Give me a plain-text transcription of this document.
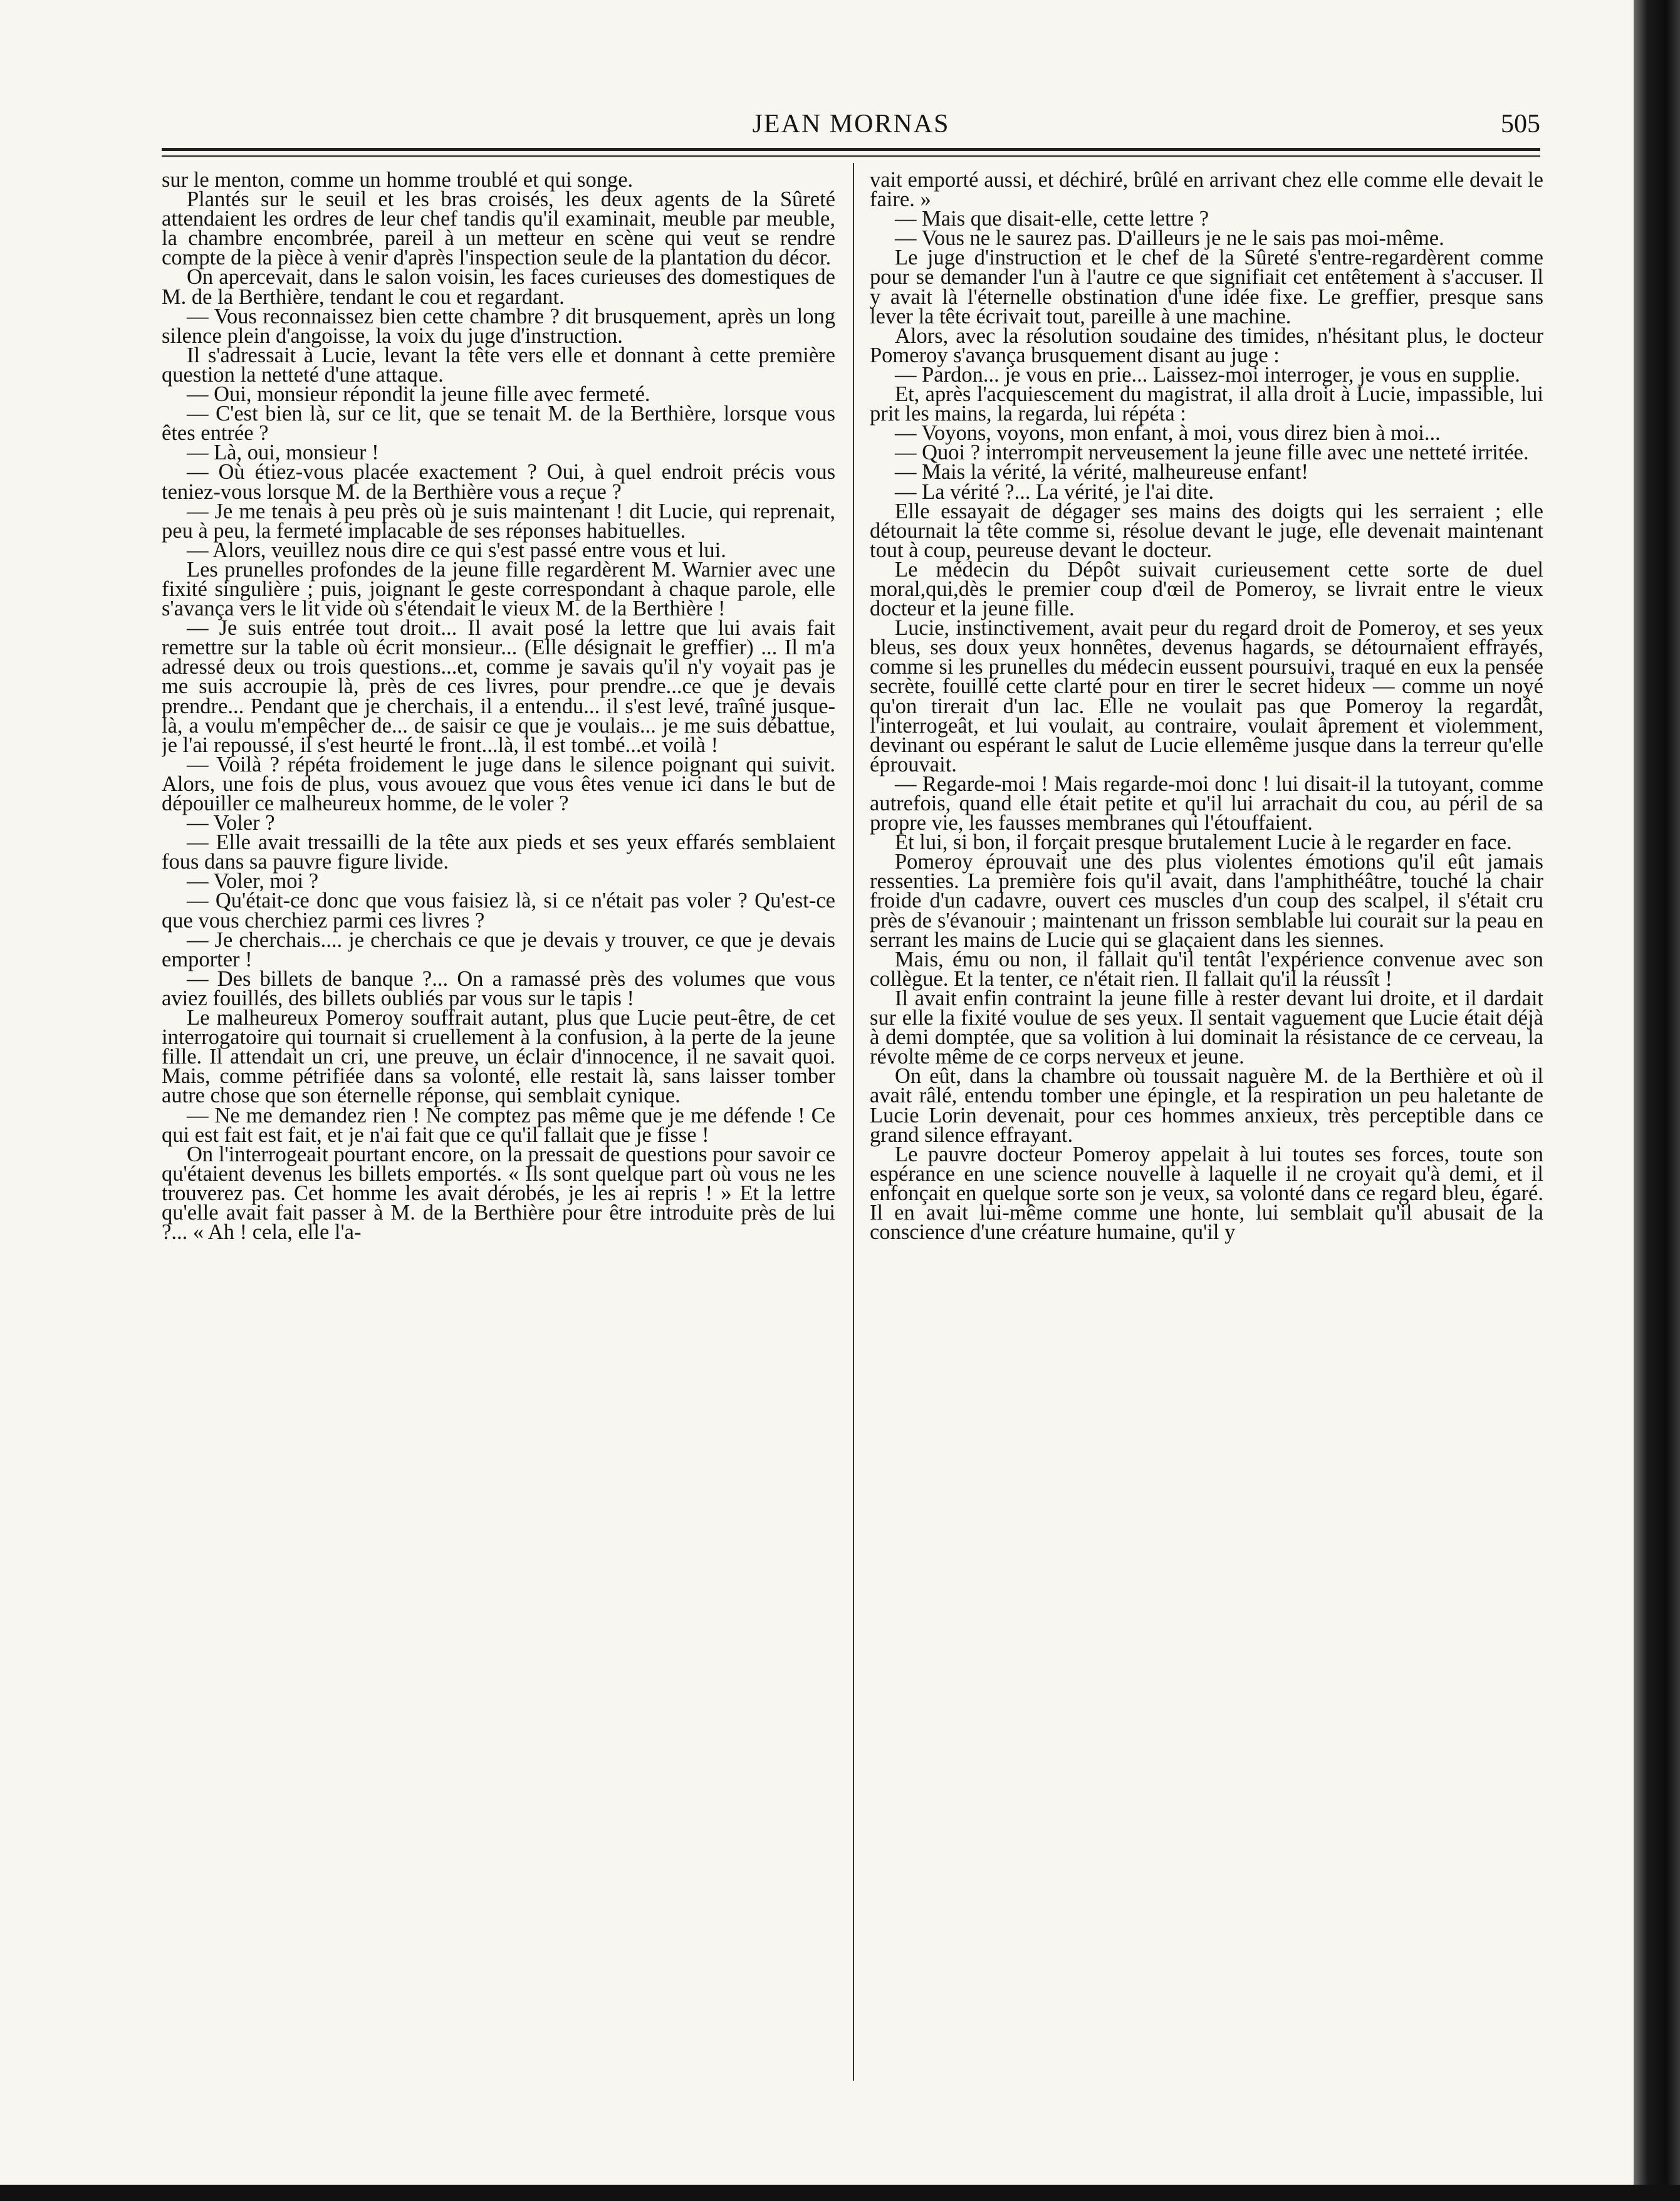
JEAN MORNAS	505

sur le menton, comme un homme troublé et qui songe.

Plantés sur le seuil et les bras croisés, les deux agents de la Sûreté attendaient les ordres de leur chef tandis qu'il examinait, meuble par meuble, la chambre encombrée, pareil à un metteur en scène qui veut se rendre compte de la pièce à venir d'après l'inspection seule de la plantation du décor.

On apercevait, dans le salon voisin, les faces curieuses des domestiques de M. de la Berthière, tendant le cou et regardant.

— Vous reconnaissez bien cette chambre ? dit brusquement, après un long silence plein d'angoisse, la voix du juge d'instruction.

Il s'adressait à Lucie, levant la tête vers elle et donnant à cette première question la netteté d'une attaque.

— Oui, monsieur répondit la jeune fille avec fermeté.

— C'est bien là, sur ce lit, que se tenait M. de la Berthière, lorsque vous êtes entrée ?

— Là, oui, monsieur !

— Où étiez-vous placée exactement ? Oui, à quel endroit précis vous teniez-vous lorsque M. de la Berthière vous a reçue ?

— Je me tenais à peu près où je suis maintenant ! dit Lucie, qui reprenait, peu à peu, la fermeté implacable de ses réponses habituelles.

— Alors, veuillez nous dire ce qui s'est passé entre vous et lui.

Les prunelles profondes de la jeune fille regardèrent M. Warnier avec une fixité singulière ; puis, joignant le geste correspondant à chaque parole, elle s'avança vers le lit vide où s'étendait le vieux M. de la Berthière !

— Je suis entrée tout droit... Il avait posé la lettre que lui avais fait remettre sur la table où écrit monsieur... (Elle désignait le greffier) ... Il m'a adressé deux ou trois questions...et, comme je savais qu'il n'y voyait pas je me suis accroupie là, près de ces livres, pour prendre...ce que je devais prendre... Pendant que je cherchais, il a entendu... il s'est levé, traîné jusque-là, a voulu m'empêcher de... de saisir ce que je voulais... je me suis débattue, je l'ai repoussé, il s'est heurté le front...là, il est tombé...et voilà !

— Voilà ? répéta froidement le juge dans le silence poignant qui suivit. Alors, une fois de plus, vous avouez que vous êtes venue ici dans le but de dépouiller ce malheureux homme, de le voler ?

— Voler ?

— Elle avait tressailli de la tête aux pieds et ses yeux effarés semblaient fous dans sa pauvre figure livide.

— Voler, moi ?

— Qu'était-ce donc que vous faisiez là, si ce n'était pas voler ? Qu'est-ce que vous cherchiez parmi ces livres ?

— Je cherchais.... je cherchais ce que je devais y trouver, ce que je devais emporter !

— Des billets de banque ?... On a ramassé près des volumes que vous aviez fouillés, des billets oubliés par vous sur le tapis !

Le malheureux Pomeroy souffrait autant, plus que Lucie peut-être, de cet interrogatoire qui tournait si cruellement à la confusion, à la perte de la jeune fille. Il attendait un cri, une preuve, un éclair d'innocence, il ne savait quoi. Mais, comme pétrifiée dans sa volonté, elle restait là, sans laisser tomber autre chose que son éternelle réponse, qui semblait cynique.

— Ne me demandez rien ! Ne comptez pas même que je me défende ! Ce qui est fait est fait, et je n'ai fait que ce qu'il fallait que je fisse !

On l'interrogeait pourtant encore, on la pressait de questions pour savoir ce qu'étaient devenus les billets emportés. « Ils sont quelque part où vous ne les trouverez pas. Cet homme les avait dérobés, je les ai repris ! » Et la lettre qu'elle avait fait passer à M. de la Berthière pour être introduite près de lui ?... « Ah ! cela, elle l'a-

vait emporté aussi, et déchiré, brûlé en arrivant chez elle comme elle devait le faire. »

— Mais que disait-elle, cette lettre ?

— Vous ne le saurez pas. D'ailleurs je ne le sais pas moi-même.

Le juge d'instruction et le chef de la Sûreté s'entre-regardèrent comme pour se demander l'un à l'autre ce que signifiait cet entêtement à s'accuser. Il y avait là l'éternelle obstination d'une idée fixe. Le greffier, presque sans lever la tête écrivait tout, pareille à une machine.

Alors, avec la résolution soudaine des timides, n'hésitant plus, le docteur Pomeroy s'avança brusquement disant au juge :

— Pardon... je vous en prie... Laissez-moi interroger, je vous en supplie.

Et, après l'acquiescement du magistrat, il alla droit à Lucie, impassible, lui prit les mains, la regarda, lui répéta :

— Voyons, voyons, mon enfant, à moi, vous direz bien à moi...

— Quoi ? interrompit nerveusement la jeune fille avec une netteté irritée.

— Mais la vérité, la vérité, malheureuse enfant!

— La vérité ?... La vérité, je l'ai dite.

Elle essayait de dégager ses mains des doigts qui les serraient ; elle détournait la tête comme si, résolue devant le juge, elle devenait maintenant tout à coup, peureuse devant le docteur.

Le médecin du Dépôt suivait curieusement cette sorte de duel moral,qui,dès le premier coup d'œil de Pomeroy, se livrait entre le vieux docteur et la jeune fille.

Lucie, instinctivement, avait peur du regard droit de Pomeroy, et ses yeux bleus, ses doux yeux honnêtes, devenus hagards, se détournaient effrayés, comme si les prunelles du médecin eussent poursuivi, traqué en eux la pensée secrète, fouillé cette clarté pour en tirer le secret hideux — comme un noyé qu'on tirerait d'un lac. Elle ne voulait pas que Pomeroy la regardât, l'interrogeât, et lui voulait, au contraire, voulait âprement et violemment, devinant ou espérant le salut de Lucie ellemême jusque dans la terreur qu'elle éprouvait.

— Regarde-moi ! Mais regarde-moi donc ! lui disait-il la tutoyant, comme autrefois, quand elle était petite et qu'il lui arrachait du cou, au péril de sa propre vie, les fausses membranes qui l'étouffaient.

Et lui, si bon, il forçait presque brutalement Lucie à le regarder en face.

Pomeroy éprouvait une des plus violentes émotions qu'il eût jamais ressenties. La première fois qu'il avait, dans l'amphithéâtre, touché la chair froide d'un cadavre, ouvert ces muscles d'un coup des scalpel, il s'était cru près de s'évanouir ; maintenant un frisson semblable lui courait sur la peau en serrant les mains de Lucie qui se glaçaient dans les siennes.

Mais, ému ou non, il fallait qu'il tentât l'expérience convenue avec son collègue. Et la tenter, ce n'était rien. Il fallait qu'il la réussît !

Il avait enfin contraint la jeune fille à rester devant lui droite, et il dardait sur elle la fixité voulue de ses yeux. Il sentait vaguement que Lucie était déjà à demi domptée, que sa volition à lui dominait la résistance de ce cerveau, la révolte même de ce corps nerveux et jeune.

On eût, dans la chambre où toussait naguère M. de la Berthière et où il avait râlé, entendu tomber une épingle, et la respiration un peu haletante de Lucie Lorin devenait, pour ces hommes anxieux, très perceptible dans ce grand silence effrayant.

Le pauvre docteur Pomeroy appelait à lui toutes ses forces, toute son espérance en une science nouvelle à laquelle il ne croyait qu'à demi, et il enfonçait en quelque sorte son je veux, sa volonté dans ce regard bleu, égaré. Il en avait lui-même comme une honte, lui semblait qu'il abusait de la conscience d'une créature humaine, qu'il y
